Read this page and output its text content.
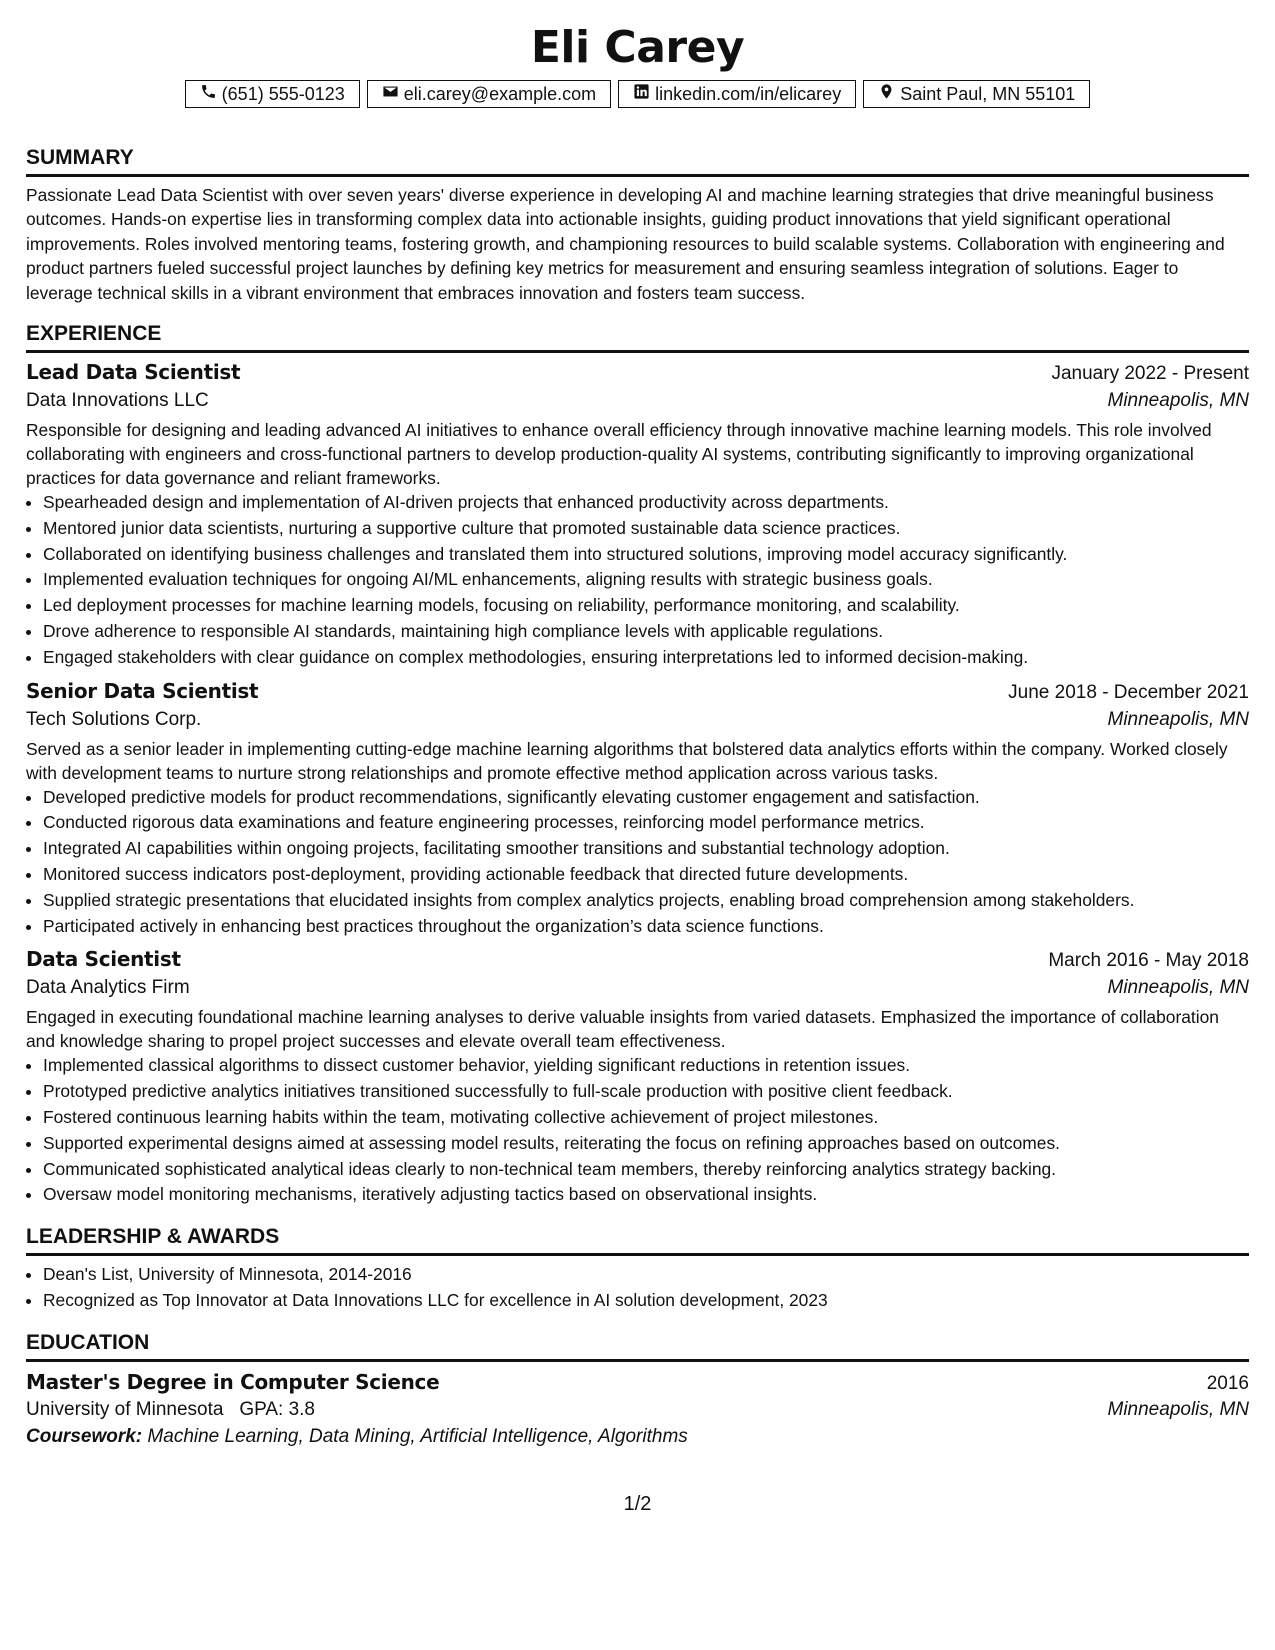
Eli Carey
(651) 555-0123	eli.carey@example.com	linkedin.com/in/elicarey	Saint Paul, MN 55101
SUMMARY
Passionate Lead Data Scientist with over seven years' diverse experience in developing AI and machine learning strategies that drive meaningful business outcomes. Hands-on expertise lies in transforming complex data into actionable insights, guiding product innovations that yield significant operational improvements. Roles involved mentoring teams, fostering growth, and championing resources to build scalable systems. Collaboration with engineering and product partners fueled successful project launches by defining key metrics for measurement and ensuring seamless integration of solutions. Eager to leverage technical skills in a vibrant environment that embraces innovation and fosters team success.
EXPERIENCE
Lead Data Scientist	January 2022 - Present
Data Innovations LLC	Minneapolis, MN
Responsible for designing and leading advanced AI initiatives to enhance overall efficiency through innovative machine learning models. This role involved collaborating with engineers and cross-functional partners to develop production-quality AI systems, contributing significantly to improving organizational practices for data governance and reliant frameworks.
• Spearheaded design and implementation of AI-driven projects that enhanced productivity across departments.
• Mentored junior data scientists, nurturing a supportive culture that promoted sustainable data science practices.
• Collaborated on identifying business challenges and translated them into structured solutions, improving model accuracy significantly.
• Implemented evaluation techniques for ongoing AI/ML enhancements, aligning results with strategic business goals.
• Led deployment processes for machine learning models, focusing on reliability, performance monitoring, and scalability.
• Drove adherence to responsible AI standards, maintaining high compliance levels with applicable regulations.
• Engaged stakeholders with clear guidance on complex methodologies, ensuring interpretations led to informed decision-making.
Senior Data Scientist	June 2018 - December 2021
Tech Solutions Corp.	Minneapolis, MN
Served as a senior leader in implementing cutting-edge machine learning algorithms that bolstered data analytics efforts within the company. Worked closely with development teams to nurture strong relationships and promote effective method application across various tasks.
• Developed predictive models for product recommendations, significantly elevating customer engagement and satisfaction.
• Conducted rigorous data examinations and feature engineering processes, reinforcing model performance metrics.
• Integrated AI capabilities within ongoing projects, facilitating smoother transitions and substantial technology adoption.
• Monitored success indicators post-deployment, providing actionable feedback that directed future developments.
• Supplied strategic presentations that elucidated insights from complex analytics projects, enabling broad comprehension among stakeholders.
• Participated actively in enhancing best practices throughout the organization’s data science functions.
Data Scientist	March 2016 - May 2018
Data Analytics Firm	Minneapolis, MN
Engaged in executing foundational machine learning analyses to derive valuable insights from varied datasets. Emphasized the importance of collaboration and knowledge sharing to propel project successes and elevate overall team effectiveness.
• Implemented classical algorithms to dissect customer behavior, yielding significant reductions in retention issues.
• Prototyped predictive analytics initiatives transitioned successfully to full-scale production with positive client feedback.
• Fostered continuous learning habits within the team, motivating collective achievement of project milestones.
• Supported experimental designs aimed at assessing model results, reiterating the focus on refining approaches based on outcomes.
• Communicated sophisticated analytical ideas clearly to non-technical team members, thereby reinforcing analytics strategy backing.
• Oversaw model monitoring mechanisms, iteratively adjusting tactics based on observational insights.
LEADERSHIP & AWARDS
• Dean's List, University of Minnesota, 2014-2016
• Recognized as Top Innovator at Data Innovations LLC for excellence in AI solution development, 2023
EDUCATION
Master's Degree in Computer Science	2016
University of Minnesota GPA: 3.8	Minneapolis, MN
Coursework: Machine Learning, Data Mining, Artificial Intelligence, Algorithms
1/2
